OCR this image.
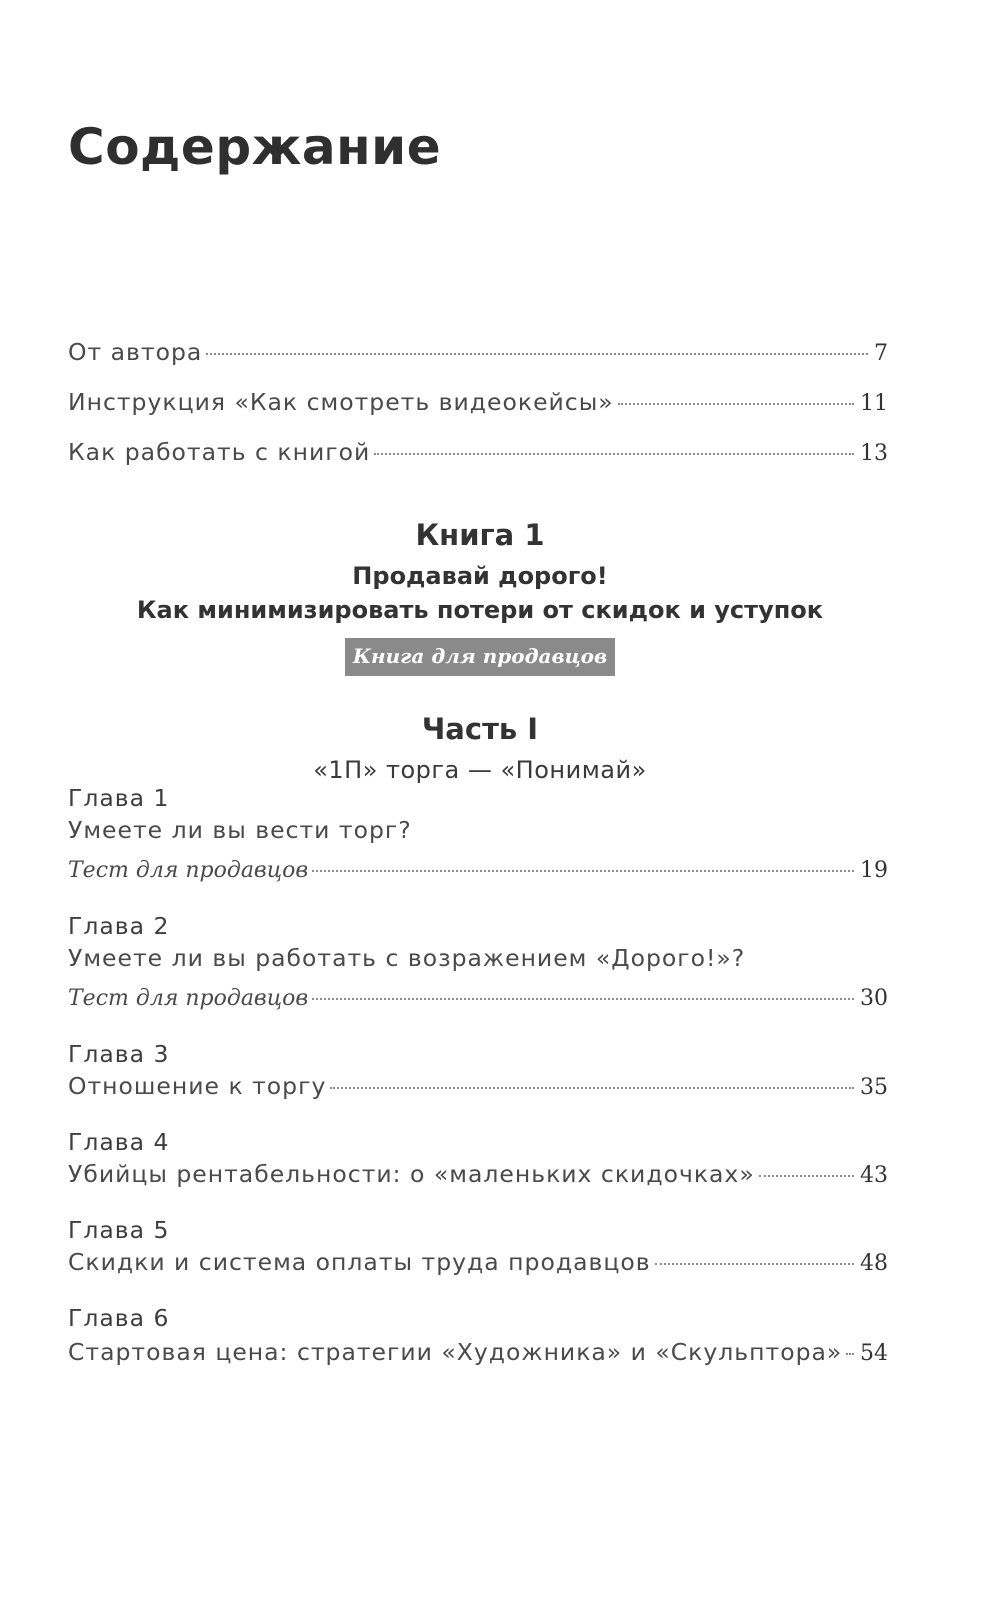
Содержание
От автора	7
Инструкция «Как смотреть видеокейсы»	11
Как работать с книгой	13
Книга 1
Продавай дорого!
Как минимизировать потери от скидок и уступок
Книга для продавцов
Часть I
«1П» торга — «Понимай»
Глава 1
Умеете ли вы вести торг?
Тест для продавцов	19
Глава 2
Умеете ли вы работать с возражением «Дорого!»?
Тест для продавцов	30
Глава 3
Отношение к торгу	35
Глава 4
Убийцы рентабельности: о «маленьких скидочках»	43
Глава 5
Скидки и система оплаты труда продавцов	48
Глава 6
Стартовая цена: стратегии «Художника» и «Скульптора» 54
